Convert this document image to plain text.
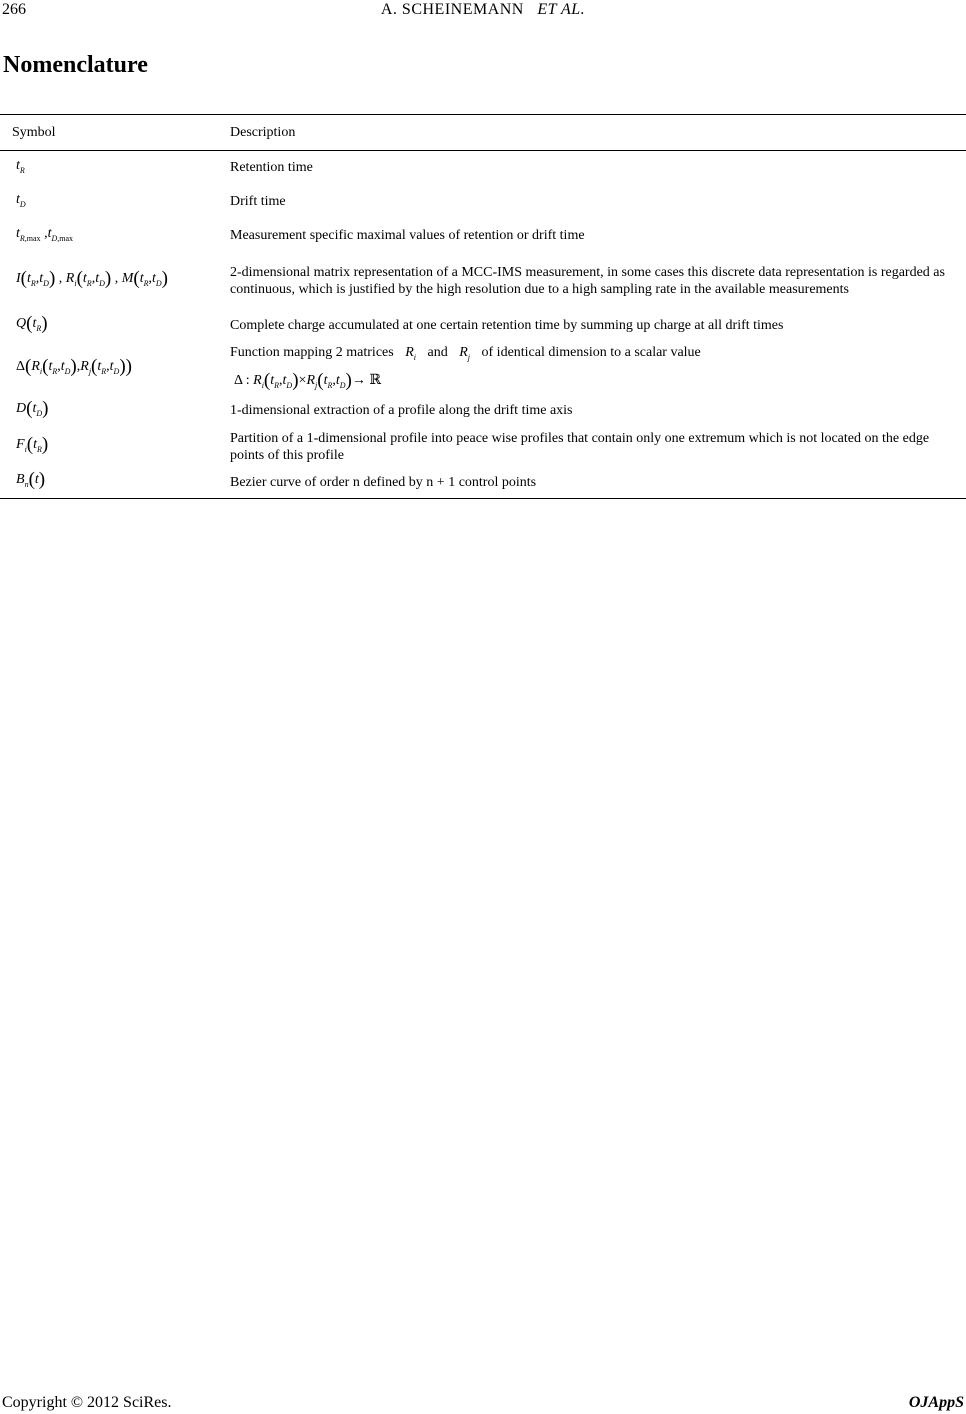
266	A. SCHEINEMANN ET AL.
Nomenclature
Symbol	Description
$t_R$	Retention time
$t_D$	Drift time
$t_{R,max}$ $,t_{D,max}$	Measurement specific maximal values of retention or drift time
$I(t_R,t_D)$ , $R_i(t_R,t_D)$ , $M(t_R,t_D)$	2-dimensional matrix representation of a MCC-IMS measurement, in some cases this discrete data representation is regarded as continuous, which is justified by the high resolution due to a high sampling rate in the available measurements
$Q(t_R)$	Complete charge accumulated at one certain retention time by summing up charge at all drift times
$\Delta(R_i(t_R,t_D),R_j(t_R,t_D))$	Function mapping 2 matrices $R_i$ and $R_j$ of identical dimension to a scalar value
Δ : $R_i(t_R,t_D)\times R_j(t_R,t_D)\to$ ℝ

$D(t_D)$	1-dimensional extraction of a profile along the drift time axis
$F_i(t_R)$	Partition of a 1-dimensional profile into peace wise profiles that contain only one extremum which is not located on the edge points of this profile
$B_n(t)$	Bezier curve of order n defined by n + 1 control points
Copyright © 2012 SciRes.	OJAppS
